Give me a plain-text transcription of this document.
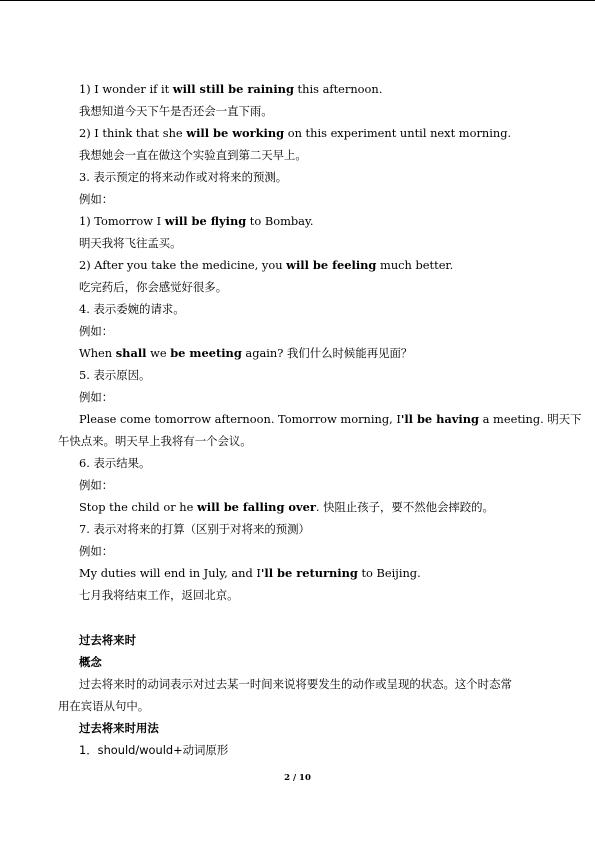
1) I wonder if it will still be raining this afternoon.
我想知道今天下午是否还会一直下雨。
2) I think that she will be working on this experiment until next morning.
我想她会一直在做这个实验直到第二天早上。
3. 表示预定的将来动作或对将来的预测。
例如：
1) Tomorrow I will be flying to Bombay.
明天我将飞往孟买。
2) After you take the medicine, you will be feeling much better.
吃完药后，你会感觉好很多。
4. 表示委婉的请求。
例如：
When shall we be meeting again? 我们什么时候能再见面？
5. 表示原因。
例如：
Please come tomorrow afternoon. Tomorrow morning, I'll be having a meeting. 明天下
午快点来。明天早上我将有一个会议。
6. 表示结果。
例如：
Stop the child or he will be falling over. 快阻止孩子，要不然他会摔跤的。
7. 表示对将来的打算（区别于对将来的预测）
例如：
My duties will end in July, and I'll be returning to Beijing.
七月我将结束工作，返回北京。
过去将来时
概念
过去将来时的动词表示对过去某一时间来说将要发生的动作或呈现的状态。这个时态常
用在宾语从句中。
过去将来时用法
1．should/would+动词原形
2 / 10
